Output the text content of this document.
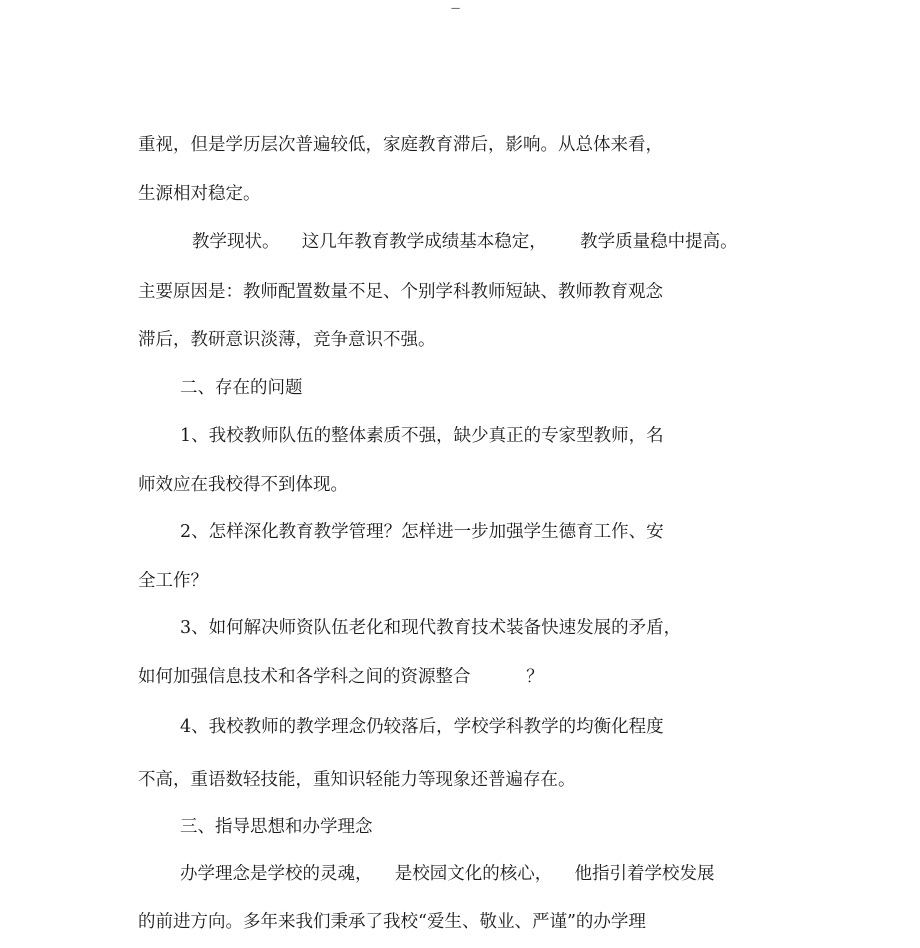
----
重视，但是学历层次普遍较低，家庭教育滞后，影响。从总体来看，
生源相对稳定。
教学现状。    这几年教育教学成绩基本稳定，      教学质量稳中提高。
主要原因是：教师配置数量不足、个别学科教师短缺、教师教育观念
滞后，教研意识淡薄，竞争意识不强。
二、存在的问题
1、我校教师队伍的整体素质不强，缺少真正的专家型教师，名
师效应在我校得不到体现。
2、怎样深化教育教学管理？怎样进一步加强学生德育工作、安
全工作？
3、如何解决师资队伍老化和现代教育技术装备快速发展的矛盾，
如何加强信息技术和各学科之间的资源整合          ？
4、我校教师的教学理念仍较落后，学校学科教学的均衡化程度
不高，重语数轻技能，重知识轻能力等现象还普遍存在。
三、指导思想和办学理念
办学理念是学校的灵魂，    是校园文化的核心，    他指引着学校发展
的前进方向。多年来我们秉承了我校“爱生、敬业、严谨”的办学理
